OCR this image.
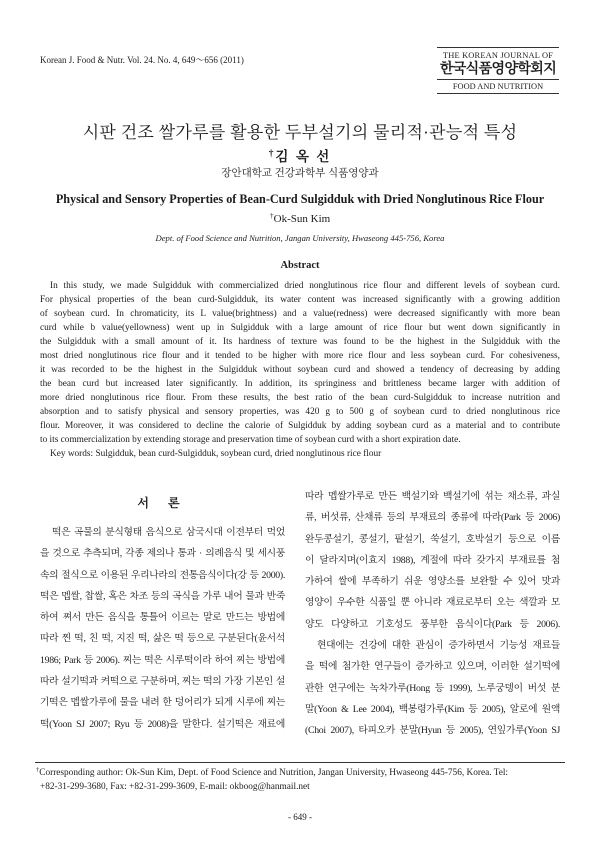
Korean J. Food & Nutr. Vol. 24. No. 4, 649～656 (2011)	THE KOREAN JOURNAL OF
한국식품영양학회지
FOOD AND NUTRITION
시판 건조 쌀가루를 활용한 두부설기의 물리적·관능적 특성
†김 옥 선
장안대학교 건강과학부 식품영양과
Physical and Sensory Properties of Bean-Curd Sulgidduk with Dried Nonglutinous Rice Flour
†Ok-Sun Kim
Dept. of Food Science and Nutrition, Jangan University, Hwaseong 445-756, Korea
Abstract
In this study, we made Sulgidduk with commercialized dried nonglutinous rice flour and different levels of soybean curd.
For physical properties of the bean curd-Sulgidduk, its water content was increased significantly with a growing addition
of soybean curd. In chromaticity, its L value(brightness) and a value(redness) were decreased significantly with more bean
curd while b value(yellowness) went up in Sulgidduk with a large amount of rice flour but went down significantly in
the Sulgidduk with a small amount of it. Its hardness of texture was found to be the highest in the Sulgidduk with the
most dried nonglutinous rice flour and it tended to be higher with more rice flour and less soybean curd. For cohesiveness,
it was recorded to be the highest in the Sulgidduk without soybean curd and showed a tendency of decreasing by adding
the bean curd but increased later significantly. In addition, its springiness and brittleness became larger with addition of
more dried nonglutinous rice flour. From these results, the best ratio of the bean curd-Sulgidduk to increase nutrition and
absorption and to satisfy physical and sensory properties, was 420 g to 500 g of soybean curd to dried nonglutinous rice
flour. Moreover, it was considered to decline the calorie of Sulgidduk by adding soybean curd as a material and to contribute
to its commercialization by extending storage and preservation time of soybean curd with a short expiration date.
Key words: Sulgidduk, bean curd-Sulgidduk, soybean curd, dried nonglutinous rice flour
서 론
떡은 곡물의 분식형태 음식으로 삼국시대 이전부터 먹었
을 것으로 추측되며, 각종 제의나 통과 · 의례음식 및 세시풍
속의 절식으로 이용된 우리나라의 전통음식이다(강 등 2000).
떡은 멥쌀, 찹쌀, 혹은 차조 등의 곡식을 가루 내어 물과 반죽
하여 쪄서 만든 음식을 통틀어 이르는 말로 만드는 방법에
따라 찐 떡, 친 떡, 지진 떡, 삶은 떡 등으로 구분된다(윤서석
1986; Park 등 2006). 찌는 떡은 시루떡이라 하여 찌는 방법에
따라 설기떡과 켜떡으로 구분하며, 찌는 떡의 가장 기본인 설
기떡은 멥쌀가루에 물을 내려 한 덩어리가 되게 시루에 찌는
떡(Yoon SJ 2007; Ryu 등 2008)을 말한다. 설기떡은 재료에
따라 멥쌀가루로 만든 백설기와 백설기에 섞는 채소류, 과실
류, 버섯류, 산채류 등의 부재료의 종류에 따라(Park 등 2006)
완두콩설기, 콩설기, 팥설기, 쑥설기, 호박설기 등으로 이름
이 달라지며(이효지 1988), 계절에 따라 갖가지 부재료를 첨
가하여 쌀에 부족하기 쉬운 영양소를 보완할 수 있어 맛과
영양이 우수한 식품일 뿐 아니라 재료로부터 오는 색깔과 모
양도 다양하고 기호성도 풍부한 음식이다(Park 등 2006).
현대에는 건강에 대한 관심이 증가하면서 기능성 재료들
을 떡에 첨가한 연구들이 증가하고 있으며, 이러한 설기떡에
관한 연구에는 녹차가루(Hong 등 1999), 노루궁뎅이 버섯 분
말(Yoon & Lee 2004), 백봉령가루(Kim 등 2005), 알로에 원액
(Choi 2007), 타피오카 분말(Hyun 등 2005), 연잎가루(Yoon SJ
†Corresponding author: Ok-Sun Kim, Dept. of Food Science and Nutrition, Jangan University, Hwaseong 445-756, Korea. Tel:
+82-31-299-3680, Fax: +82-31-299-3609, E-mail: okboog@hanmail.net
- 649 -
